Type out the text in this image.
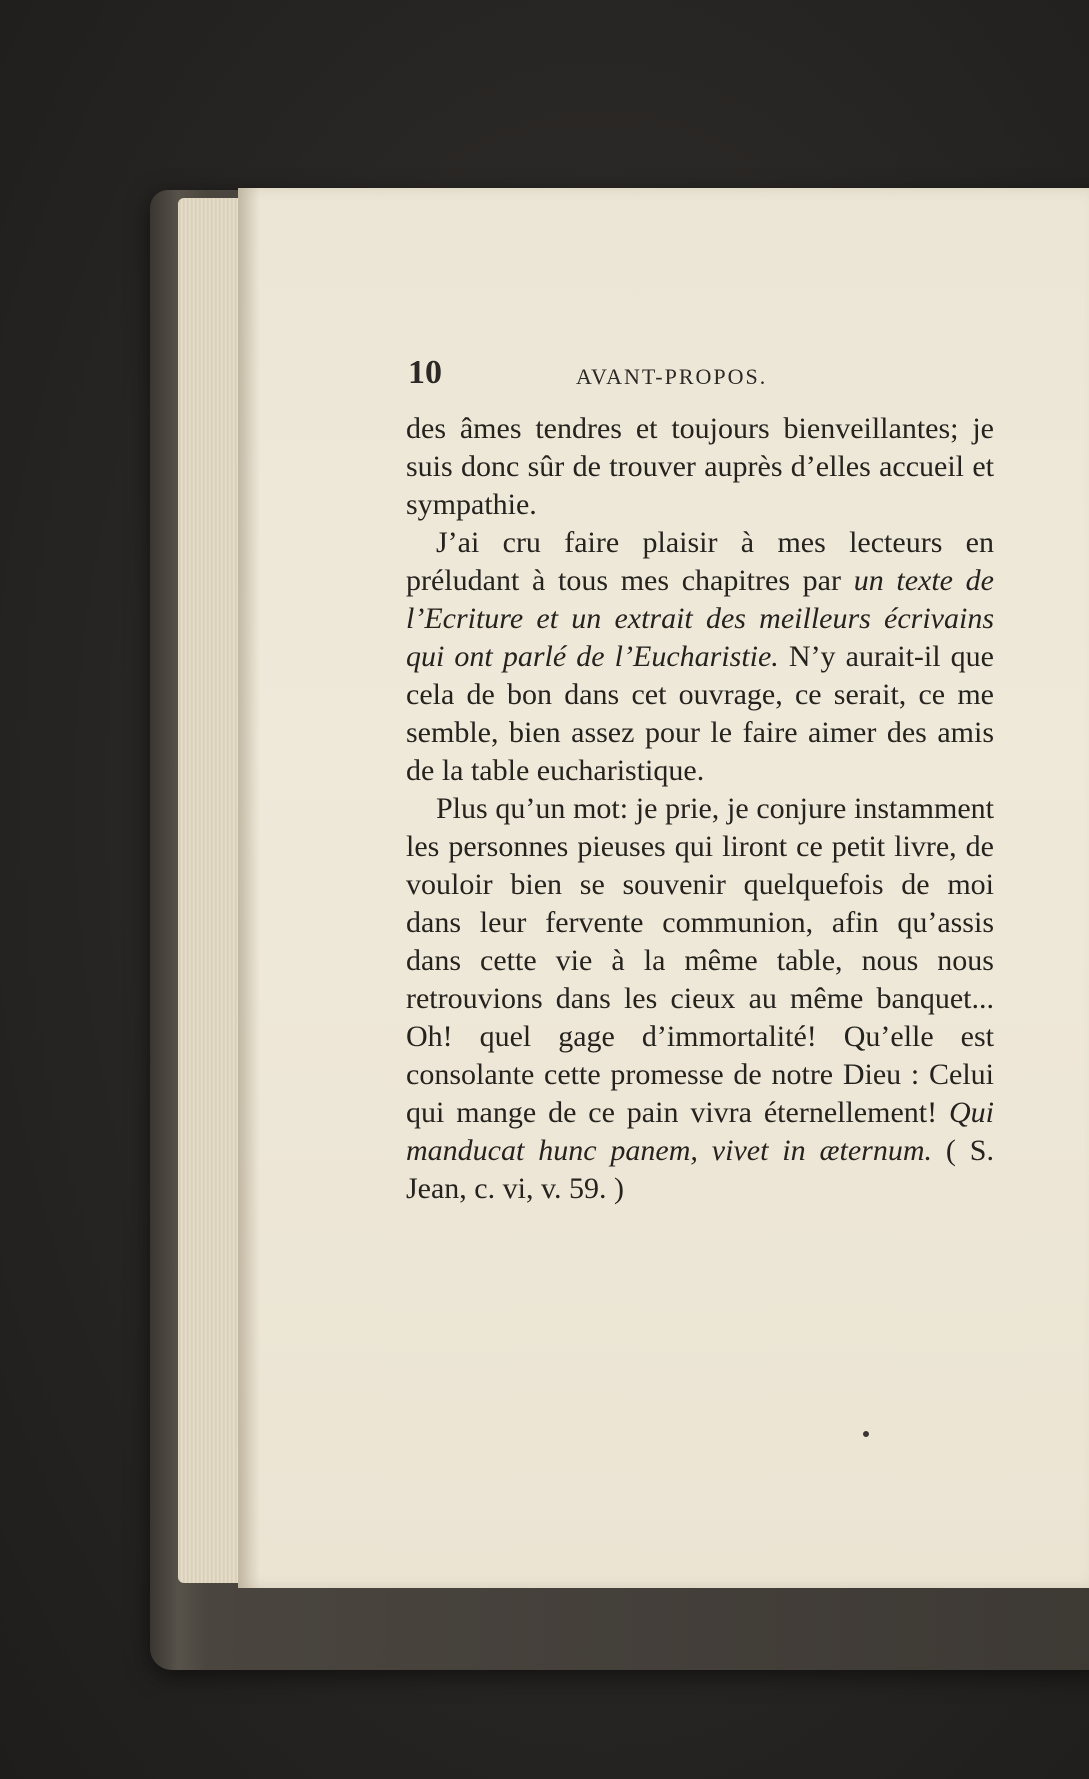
10	AVANT-PROPOS.

des âmes tendres et toujours bienveillantes; je suis donc sûr de trouver auprès d’elles accueil et sympathie.

J’ai cru faire plaisir à mes lecteurs en préludant à tous mes chapitres par un texte de l’Ecriture et un extrait des meilleurs écrivains qui ont parlé de l’Eucharistie. N’y aurait-il que cela de bon dans cet ouvrage, ce serait, ce me semble, bien assez pour le faire aimer des amis de la table eucharistique.

Plus qu’un mot: je prie, je conjure instamment les personnes pieuses qui liront ce petit livre, de vouloir bien se souvenir quelquefois de moi dans leur fervente communion, afin qu’assis dans cette vie à la même table, nous nous retrouvions dans les cieux au même banquet... Oh! quel gage d’immortalité! Qu’elle est consolante cette promesse de notre Dieu : Celui qui mange de ce pain vivra éternellement! Qui manducat hunc panem, vivet in æternum. ( S. Jean, c. vi, v. 59. )
